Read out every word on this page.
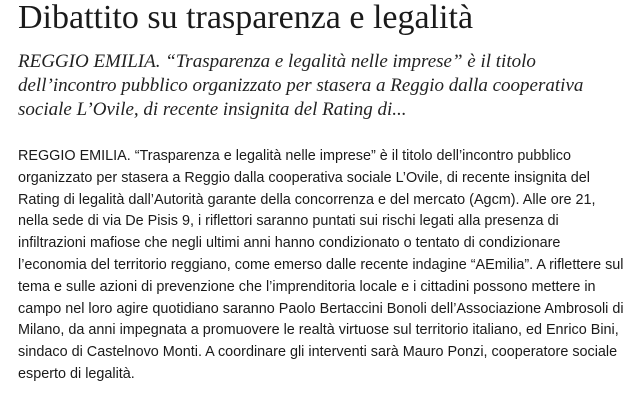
Dibattito su trasparenza e legalità

REGGIO EMILIA. “Trasparenza e legalità nelle imprese” è il titolo dell’incontro pubblico organizzato per stasera a Reggio dalla cooperativa sociale L’Ovile, di recente insignita del Rating di...

REGGIO EMILIA. “Trasparenza e legalità nelle imprese” è il titolo dell’incontro pubblico organizzato per stasera a Reggio dalla cooperativa sociale L’Ovile, di recente insignita del Rating di legalità dall’Autorità garante della concorrenza e del mercato (Agcm). Alle ore 21, nella sede di via De Pisis 9, i riflettori saranno puntati sui rischi legati alla presenza di infiltrazioni mafiose che negli ultimi anni hanno condizionato o tentato di condizionare l’economia del territorio reggiano, come emerso dalle recente indagine “AEmilia”. A riflettere sul tema e sulle azioni di prevenzione che l’imprenditoria locale e i cittadini possono mettere in campo nel loro agire quotidiano saranno Paolo Bertaccini Bonoli dell’Associazione Ambrosoli di Milano, da anni impegnata a promuovere le realtà virtuose sul territorio italiano, ed Enrico Bini, sindaco di Castelnovo Monti. A coordinare gli interventi sarà Mauro Ponzi, cooperatore sociale esperto di legalità.
